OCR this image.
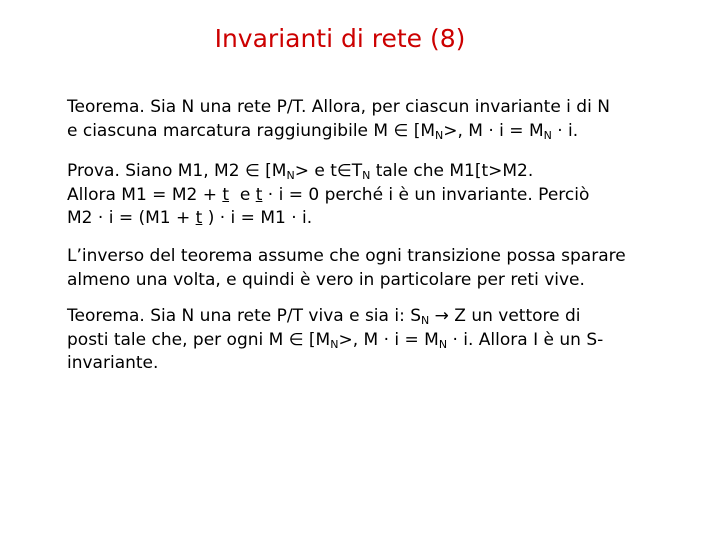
Invarianti di rete (8)
Teorema. Sia N una rete P/T. Allora, per ciascun invariante i di N
e ciascuna marcatura raggiungibile M ∈ [$M_N>$, $M \cdot i = M_N \cdot i$.
Prova. Siano M1, M2 ∈ [$M_N> e$ $t\in T_N$ tale che M1[t>M2.
Allora M1 = M2 + t  e t · i = 0 perché i è un invariante. Perciò
M2 · i = (M1 + t ) · i = M1 · i.
L’inverso del teorema assume che ogni transizione possa sparare
almeno una volta, e quindi è vero in particolare per reti vive.
Teorema. Sia N una rete P/T viva e sia i: $S_N \to Z$ un vettore di
posti tale che, per ogni M ∈ [$M_N>$, $M \cdot i = M_N \cdot i$. Allora I è un S-
invariante.
